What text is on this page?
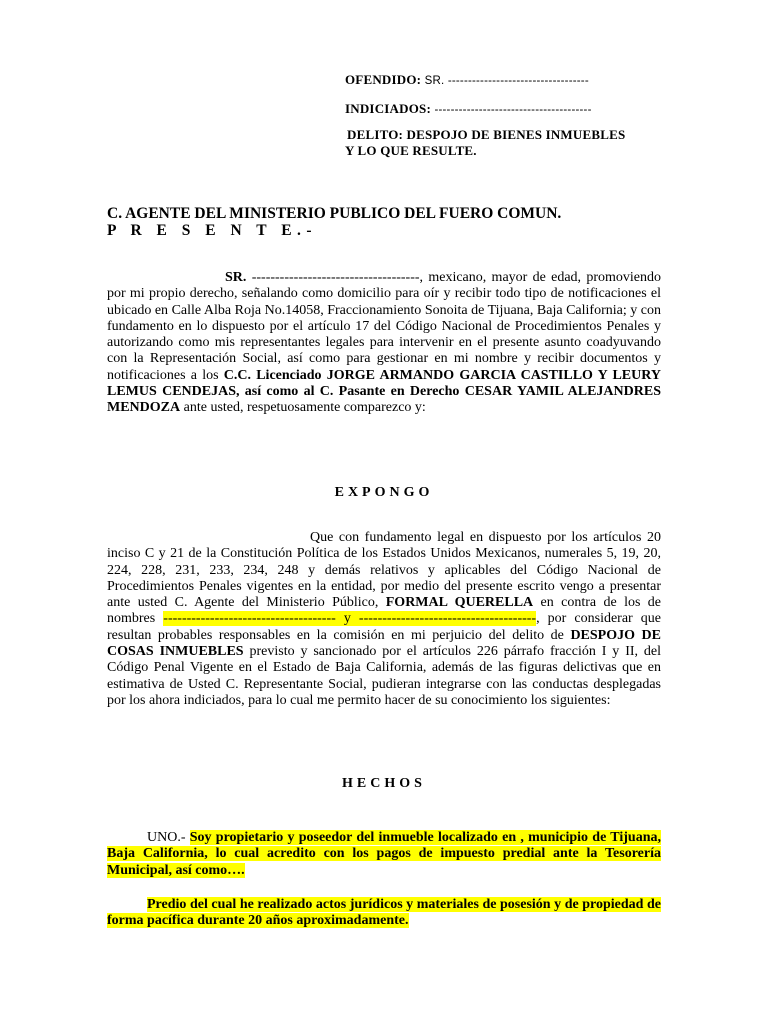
OFENDIDO: SR. -----------------------------------
INDICIADOS: ---------------------------------------
DELITO: DESPOJO DE BIENES INMUEBLES
Y LO QUE RESULTE.
C. AGENTE DEL MINISTERIO PUBLICO DEL FUERO COMUN.
P R E S E N T E.-
SR. ------------------------------------, mexicano, mayor de edad, promoviendo por mi propio derecho, señalando como domicilio para oír y recibir todo tipo de notificaciones el ubicado en Calle Alba Roja No.14058, Fraccionamiento Sonoita de Tijuana, Baja California; y con fundamento en lo dispuesto por el artículo 17 del Código Nacional de Procedimientos Penales y autorizando como mis representantes legales para intervenir en el presente asunto coadyuvando con la Representación Social, así como para gestionar en mi nombre y recibir documentos y notificaciones a los C.C. Licenciado JORGE ARMANDO GARCIA CASTILLO Y LEURY LEMUS CENDEJAS, así como al C. Pasante en Derecho CESAR YAMIL ALEJANDRES MENDOZA ante usted, respetuosamente comparezco y:
EXPONGO
Que con fundamento legal en dispuesto por los artículos 20 inciso C y 21 de la Constitución Política de los Estados Unidos Mexicanos, numerales 5, 19, 20, 224, 228, 231, 233, 234, 248 y demás relativos y aplicables del Código Nacional de Procedimientos Penales vigentes en la entidad, por medio del presente escrito vengo a presentar ante usted C. Agente del Ministerio Público, FORMAL QUERELLA en contra de los de nombres ------------------------------------- y --------------------------------------, por considerar que resultan probables responsables en la comisión en mi perjuicio del delito de DESPOJO DE COSAS INMUEBLES previsto y sancionado por el artículos 226 párrafo fracción I y II, del Código Penal Vigente en el Estado de Baja California, además de las figuras delictivas que en estimativa de Usted C. Representante Social, pudieran integrarse con las conductas desplegadas por los ahora indiciados, para lo cual me permito hacer de su conocimiento los siguientes:
HECHOS
UNO.- Soy propietario y poseedor del inmueble localizado en , municipio de Tijuana, Baja California, lo cual acredito con los pagos de impuesto predial ante la Tesorería Municipal, así como….
Predio del cual he realizado actos jurídicos y materiales de posesión y de propiedad de forma pacífica durante 20 años aproximadamente.
